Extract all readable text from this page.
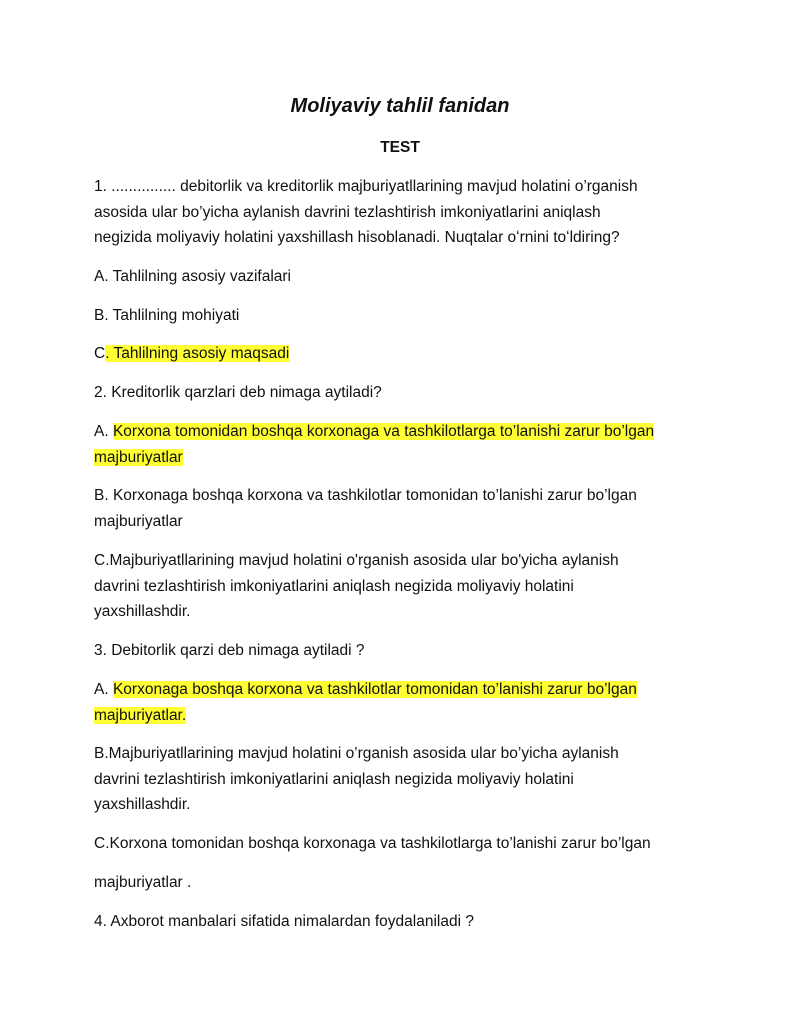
Moliyaviy tahlil fanidan
TEST
1. ............... debitorlik va kreditorlik majburiyatllarining mavjud holatini o’rganish
asosida ular bo’yicha aylanish davrini tezlashtirish imkoniyatlarini aniqlash
negizida moliyaviy holatini yaxshillash hisoblanadi. Nuqtalar oʻrnini toʻldiring?
A. Tahlilning asosiy vazifalari
B. Tahlilning mohiyati
C. Tahlilning asosiy maqsadi
2. Kreditorlik qarzlari deb nimaga aytiladi?
A. Korxona tomonidan boshqa korxonaga va tashkilotlarga to’lanishi zarur bo’lgan
majburiyatlar
B. Korxonaga boshqa korxona va tashkilotlar tomonidan to’lanishi zarur bo’lgan
majburiyatlar
C.Majburiyatllarining mavjud holatini o'rganish asosida ular bo'yicha aylanish
davrini tezlashtirish imkoniyatlarini aniqlash negizida moliyaviy holatini
yaxshillashdir.
3. Debitorlik qarzi deb nimaga aytiladi ?
A. Korxonaga boshqa korxona va tashkilotlar tomonidan to’lanishi zarur bo’lgan
majburiyatlar.
B.Majburiyatllarining mavjud holatini o’rganish asosida ular bo’yicha aylanish
davrini tezlashtirish imkoniyatlarini aniqlash negizida moliyaviy holatini
yaxshillashdir.
C.Korxona tomonidan boshqa korxonaga va tashkilotlarga to’lanishi zarur bo’lgan
majburiyatlar .
4. Axborot manbalari sifatida nimalardan foydalaniladi ?
